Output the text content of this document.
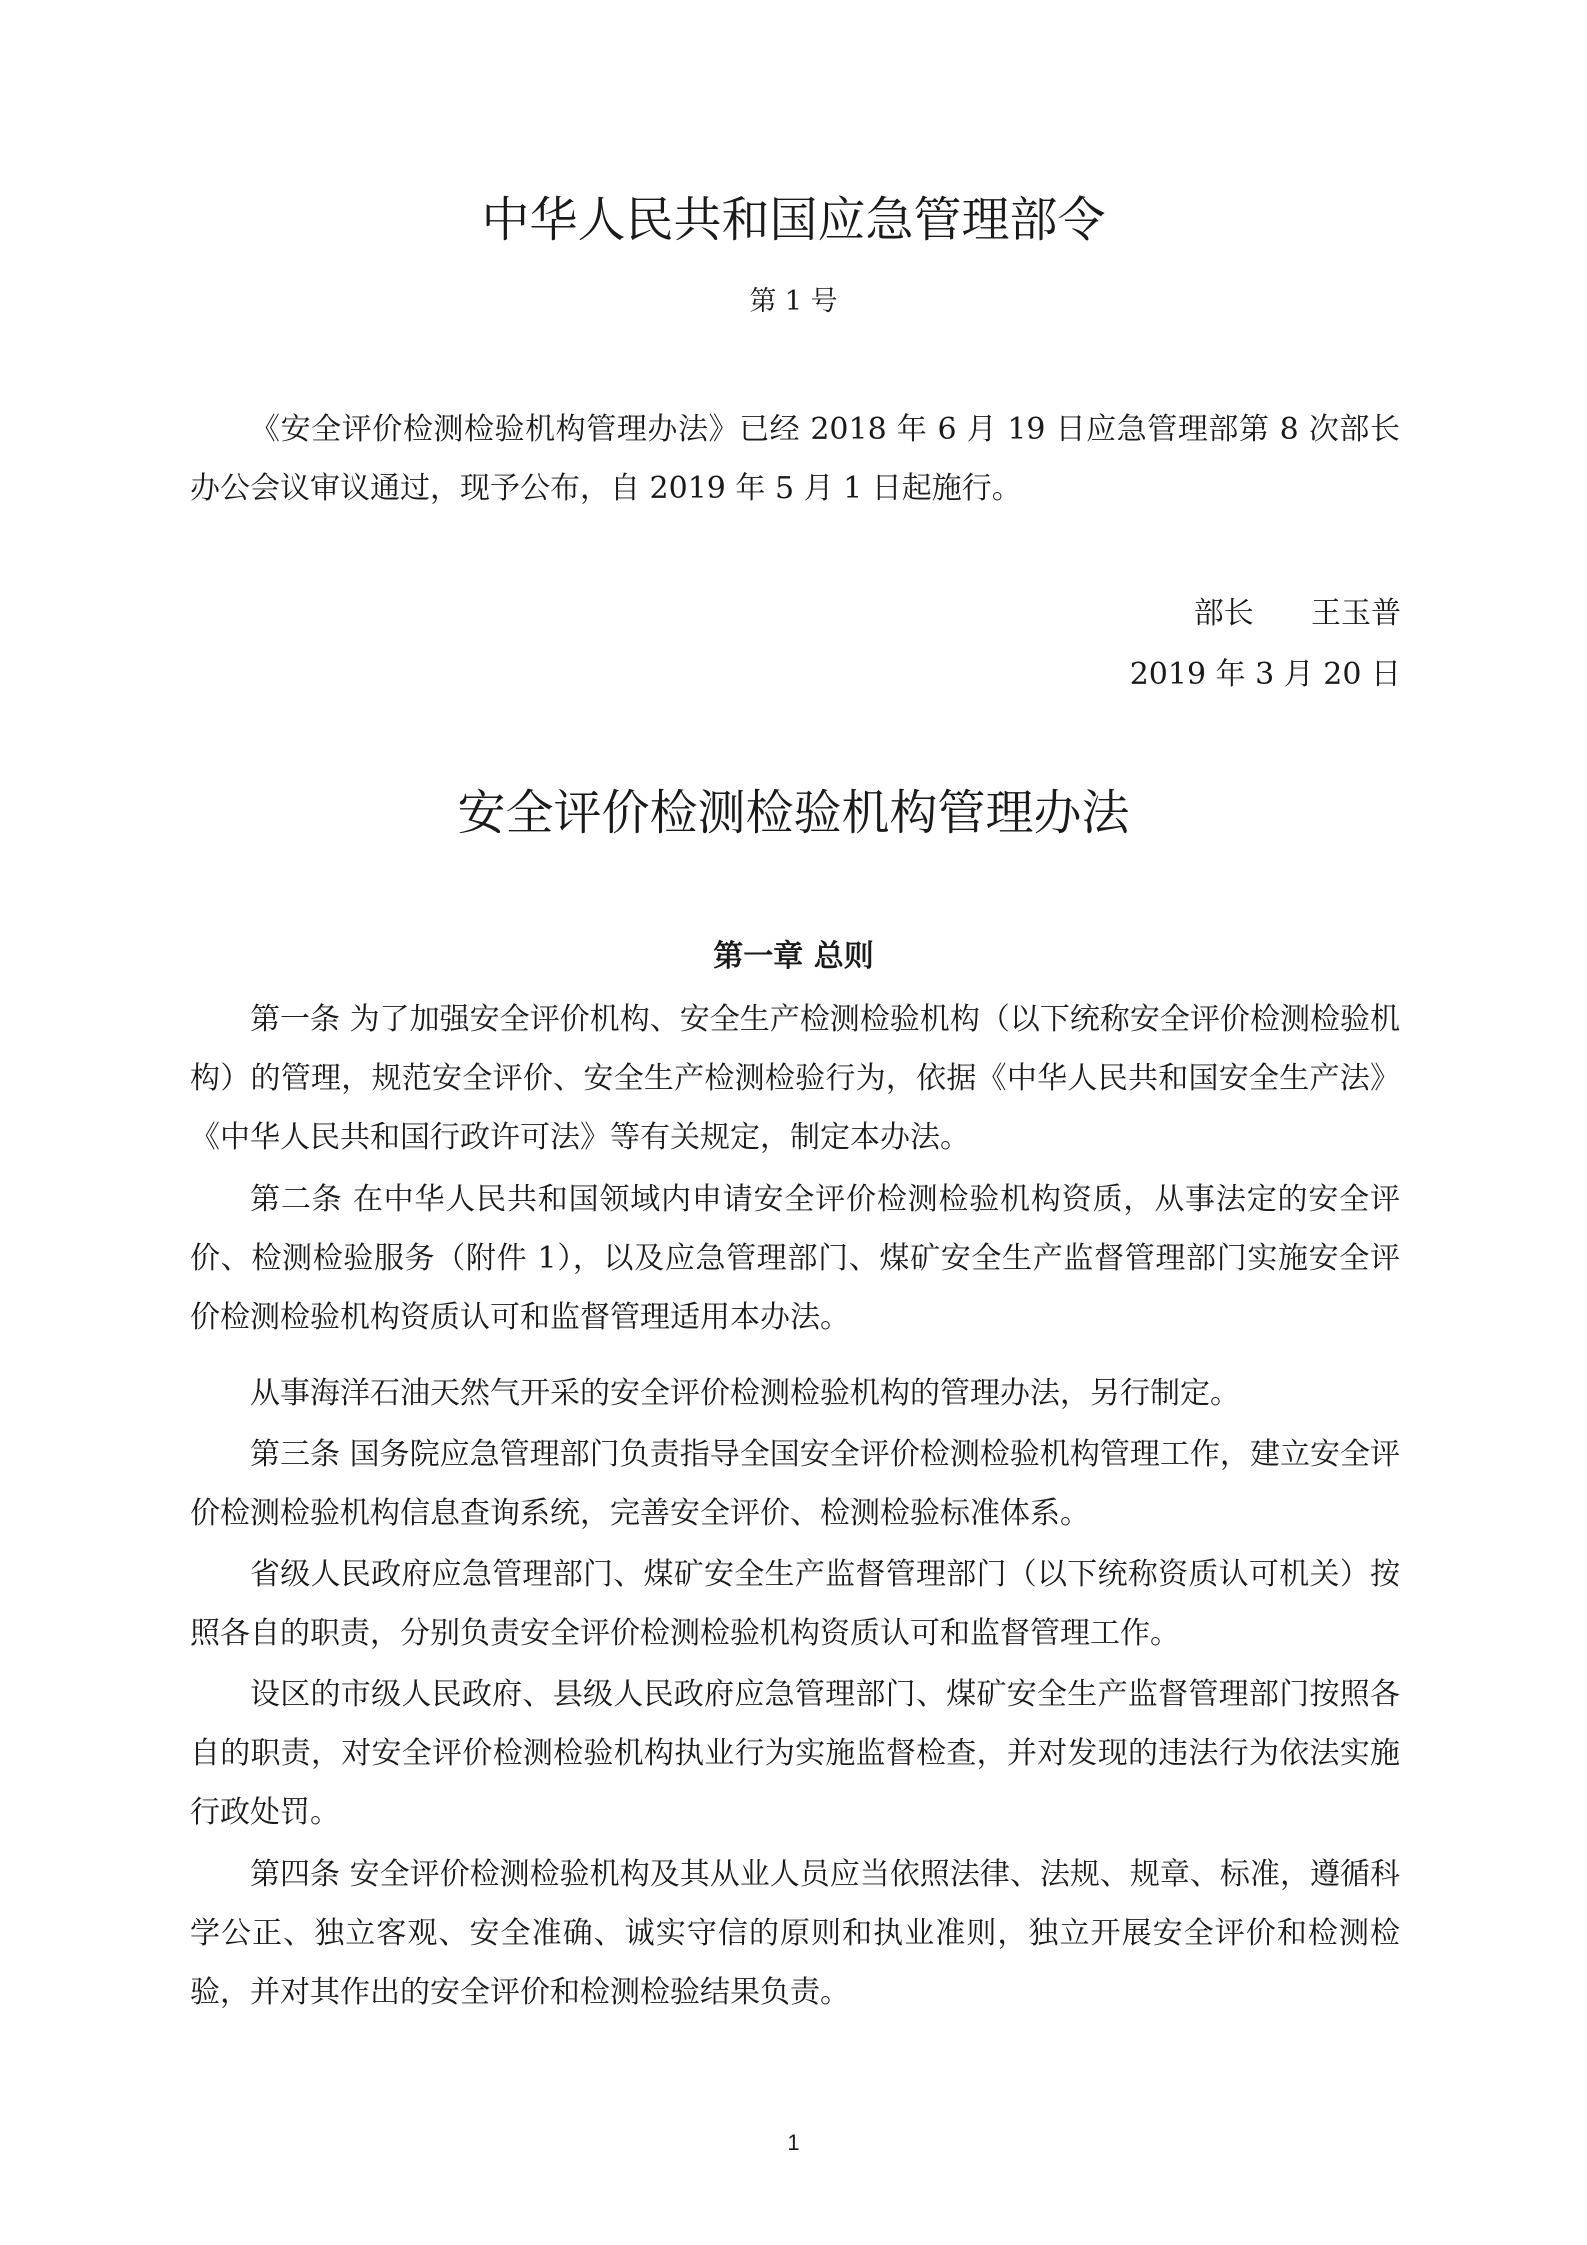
中华人民共和国应急管理部令

第 1 号

《安全评价检测检验机构管理办法》已经 2018 年 6 月 19 日应急管理部第 8 次部长办公会议审议通过，现予公布，自 2019 年 5 月 1 日起施行。

部长      王玉普

2019 年 3 月 20 日

安全评价检测检验机构管理办法
第一章 总则

第一条 为了加强安全评价机构、安全生产检测检验机构（以下统称安全评价检测检验机构）的管理，规范安全评价、安全生产检测检验行为，依据《中华人民共和国安全生产法》《中华人民共和国行政许可法》等有关规定，制定本办法。

第二条 在中华人民共和国领域内申请安全评价检测检验机构资质，从事法定的安全评价、检测检验服务（附件 1），以及应急管理部门、煤矿安全生产监督管理部门实施安全评价检测检验机构资质认可和监督管理适用本办法。

从事海洋石油天然气开采的安全评价检测检验机构的管理办法，另行制定。

第三条 国务院应急管理部门负责指导全国安全评价检测检验机构管理工作，建立安全评价检测检验机构信息查询系统，完善安全评价、检测检验标准体系。

省级人民政府应急管理部门、煤矿安全生产监督管理部门（以下统称资质认可机关）按照各自的职责，分别负责安全评价检测检验机构资质认可和监督管理工作。

设区的市级人民政府、县级人民政府应急管理部门、煤矿安全生产监督管理部门按照各自的职责，对安全评价检测检验机构执业行为实施监督检查，并对发现的违法行为依法实施行政处罚。

第四条 安全评价检测检验机构及其从业人员应当依照法律、法规、规章、标准，遵循科学公正、独立客观、安全准确、诚实守信的原则和执业准则，独立开展安全评价和检测检验，并对其作出的安全评价和检测检验结果负责。

1
